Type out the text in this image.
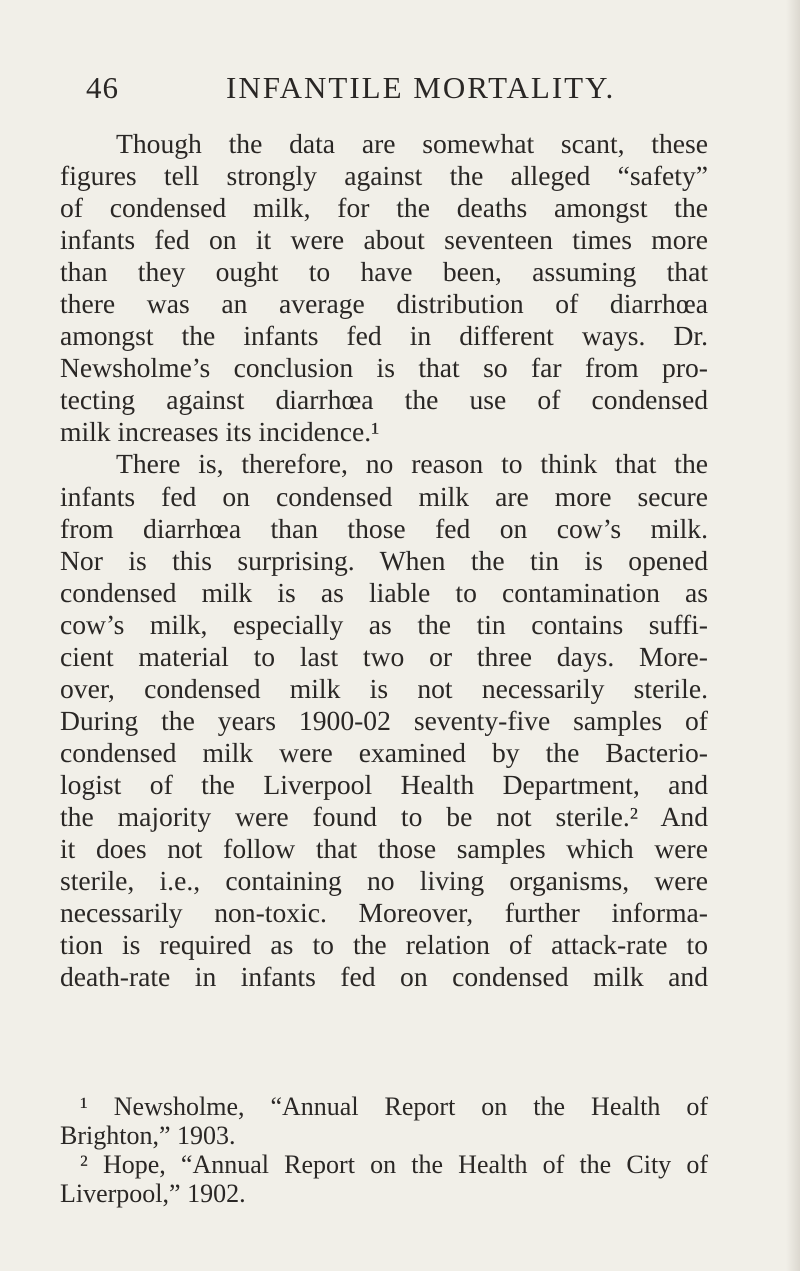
46	INFANTILE MORTALITY.
Though the data are somewhat scant, these
figures tell strongly against the alleged “safety”
of condensed milk, for the deaths amongst the
infants fed on it were about seventeen times more
than they ought to have been, assuming that
there was an average distribution of diarrhœa
amongst the infants fed in different ways. Dr.
Newsholme’s conclusion is that so far from pro-
tecting against diarrhœa the use of condensed
milk increases its incidence.¹
There is, therefore, no reason to think that the
infants fed on condensed milk are more secure
from diarrhœa than those fed on cow’s milk.
Nor is this surprising. When the tin is opened
condensed milk is as liable to contamination as
cow’s milk, especially as the tin contains suffi-
cient material to last two or three days. More-
over, condensed milk is not necessarily sterile.
During the years 1900-02 seventy-five samples of
condensed milk were examined by the Bacterio-
logist of the Liverpool Health Department, and
the majority were found to be not sterile.² And
it does not follow that those samples which were
sterile, i.e., containing no living organisms, were
necessarily non-toxic. Moreover, further informa-
tion is required as to the relation of attack-rate to
death-rate in infants fed on condensed milk and
¹ Newsholme, “Annual Report on the Health of
Brighton,” 1903.
² Hope, “Annual Report on the Health of the City of
Liverpool,” 1902.
